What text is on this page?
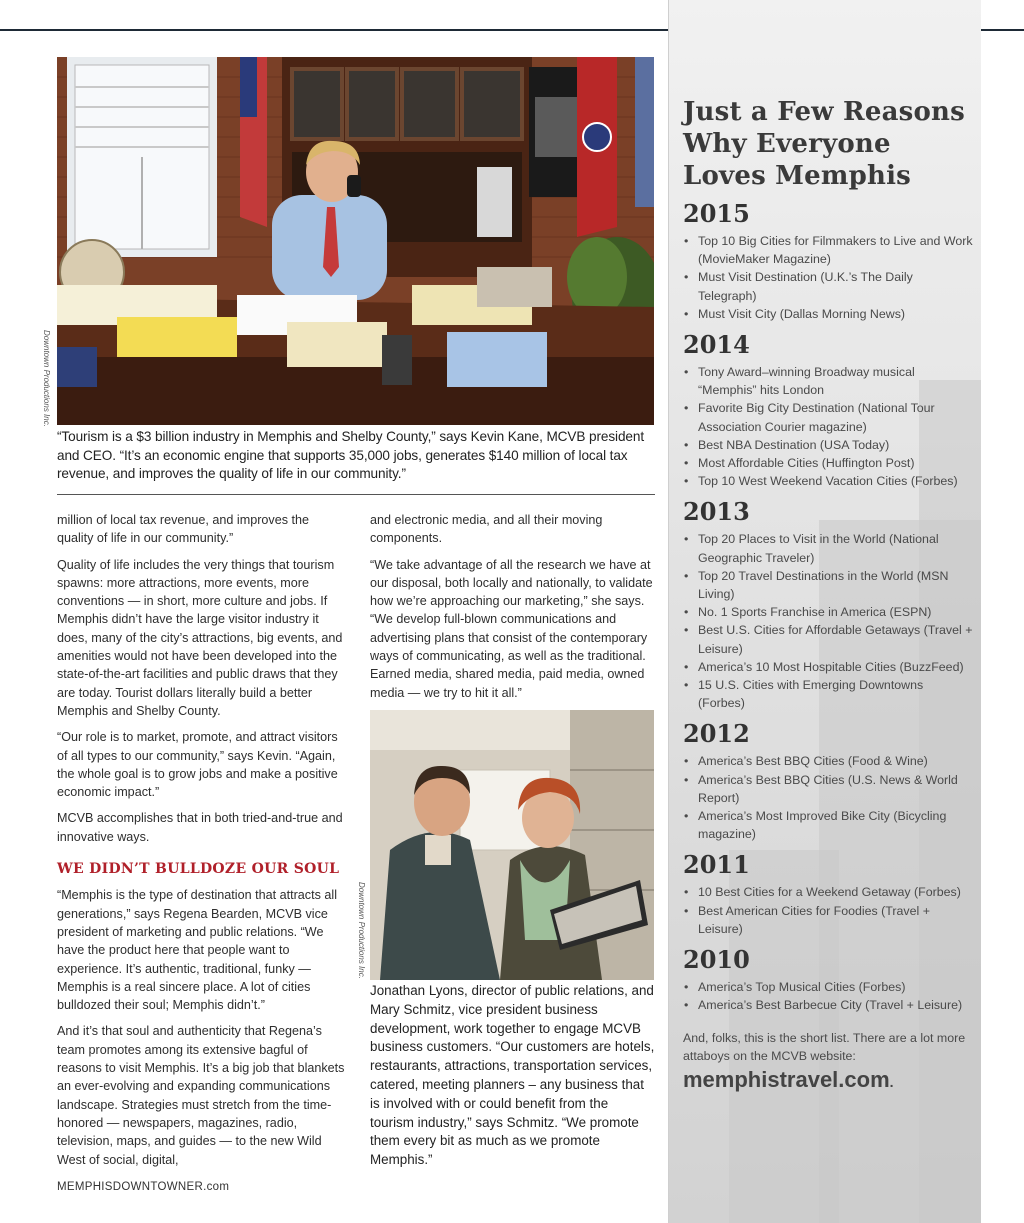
Downtown Productions Inc.
“Tourism is a $3 billion industry in Memphis and Shelby County,” says Kevin Kane, MCVB president and CEO. “It’s an economic engine that supports 35,000 jobs, generates $140 million of local tax revenue, and improves the quality of life in our community.”

million of local tax revenue, and improves the quality of life in our community.”

Quality of life includes the very things that tourism spawns: more attractions, more events, more conventions — in short, more culture and jobs. If Memphis didn’t have the large visitor industry it does, many of the city’s attractions, big events, and amenities would not have been developed into the state-of-the-art facilities and public draws that they are today. Tourist dollars literally build a better Memphis and Shelby County.

“Our role is to market, promote, and attract visitors of all types to our community,” says Kevin. “Again, the whole goal is to grow jobs and make a positive economic impact.”

MCVB accomplishes that in both tried-and-true and innovative ways.

WE DIDN’T BULLDOZE OUR SOUL

“Memphis is the type of destination that attracts all generations,” says Regena Bearden, MCVB vice president of marketing and public relations. “We have the product here that people want to experience. It’s authentic, traditional, funky — Memphis is a real sincere place. A lot of cities bulldozed their soul; Memphis didn’t.”

And it’s that soul and authenticity that Regena’s team promotes among its extensive bagful of reasons to visit Memphis. It’s a big job that blankets an ever-evolving and expanding communications landscape. Strategies must stretch from the time-honored — newspapers, magazines, radio, television, maps, and guides — to the new Wild West of social, digital,

and electronic media, and all their moving components.

“We take advantage of all the research we have at our disposal, both locally and nationally, to validate how we’re approaching our marketing,” she says. “We develop full-blown communications and advertising plans that consist of the contemporary ways of communicating, as well as the traditional. Earned media, shared media, paid media, owned media — we try to hit it all.”

Downtown Productions Inc.
Jonathan Lyons, director of public relations, and Mary Schmitz, vice president business development, work together to engage MCVB business customers. “Our customers are hotels, restaurants, attractions, transportation services, catered, meeting planners – any business that is involved with or could benefit from the tourism industry,” says Schmitz. “We promote them every bit as much as we promote Memphis.”
MEMPHISDOWNTOWNER.com
Just a Few Reasons Why Everyone Loves Memphis
2015
• Top 10 Big Cities for Filmmakers to Live and Work (MovieMaker Magazine)
• Must Visit Destination (U.K.’s The Daily Telegraph)
• Must Visit City (Dallas Morning News)
2014
• Tony Award–winning Broadway musical “Memphis” hits London
• Favorite Big City Destination (National Tour Association Courier magazine)
• Best NBA Destination (USA Today)
• Most Affordable Cities (Huffington Post)
• Top 10 West Weekend Vacation Cities (Forbes)
2013
• Top 20 Places to Visit in the World (National Geographic Traveler)
• Top 20 Travel Destinations in the World (MSN Living)
• No. 1 Sports Franchise in America (ESPN)
• Best U.S. Cities for Affordable Getaways (Travel + Leisure)
• America’s 10 Most Hospitable Cities (BuzzFeed)
• 15 U.S. Cities with Emerging Downtowns (Forbes)
2012
• America’s Best BBQ Cities (Food & Wine)
• America’s Best BBQ Cities (U.S. News & World Report)
• America’s Most Improved Bike City (Bicycling magazine)
2011
• 10 Best Cities for a Weekend Getaway (Forbes)
• Best American Cities for Foodies (Travel + Leisure)
2010
• America’s Top Musical Cities (Forbes)
• America’s Best Barbecue City (Travel + Leisure)
And, folks, this is the short list. There are a lot more attaboys on the MCVB website:
memphistravel.com.
